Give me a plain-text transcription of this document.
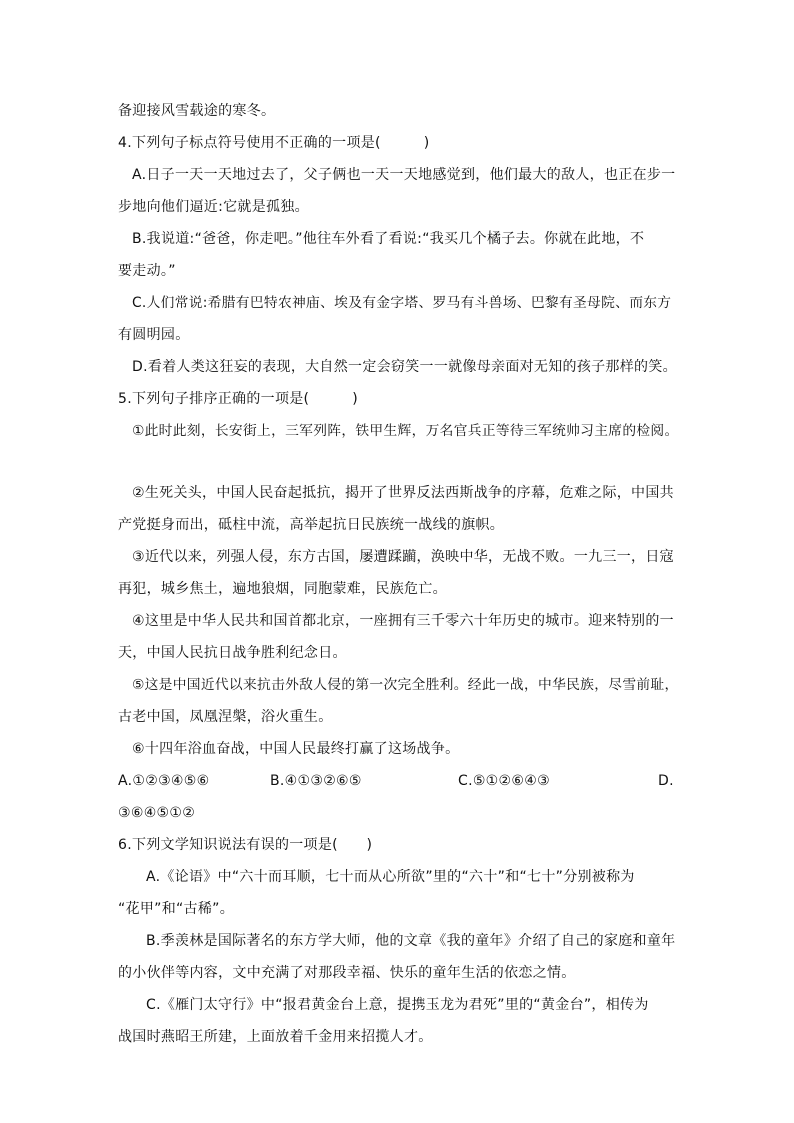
备迎接风雪载途的寒冬。
4.下列句子标点符号使用不正确的一项是(　　　)
A.日子一天一天地过去了，父子俩也一天一天地感觉到，他们最大的敌人，也正在步一
步地向他们逼近:它就是孤独。
B.我说道:“爸爸，你走吧。”他往车外看了看说:“我买几个橘子去。你就在此地，不
要走动。”
C.人们常说:希腊有巴特农神庙、埃及有金字塔、罗马有斗兽场、巴黎有圣母院、而东方
有圆明园。
D.看着人类这狂妄的表现，大自然一定会窃笑一一就像母亲面对无知的孩子那样的笑。
5.下列句子排序正确的一项是(　　　)
①此时此刻，长安街上，三军列阵，铁甲生辉，万名官兵正等待三军统帅习主席的检阅。
②生死关头，中国人民奋起抵抗，揭开了世界反法西斯战争的序幕，危难之际，中国共
产党挺身而出，砥柱中流，高举起抗日民族统一战线的旗帜。
③近代以来，列强人侵，东方古国，屡遭蹂躏，涣映中华，无战不败。一九三一，日寇
再犯，城乡焦土，遍地狼烟，同胞蒙难，民族危亡。
④这里是中华人民共和国首都北京，一座拥有三千零六十年历史的城市。迎来特别的一
天，中国人民抗日战争胜利纪念日。
⑤这是中国近代以来抗击外敌人侵的第一次完全胜利。经此一战，中华民族，尽雪前耻，
古老中国，凤凰涅槃，浴火重生。
⑥十四年浴血奋战，中国人民最终打赢了这场战争。
A.①②③④⑤⑥	B.④①③②⑥⑤	C.⑤①②⑥④③	D.
③⑥④⑤①②
6.下列文学知识说法有误的一项是(　　)
A.《论语》中“六十而耳顺，七十而从心所欲”里的“六十”和“七十”分别被称为
“花甲”和“古稀”。
B.季羡林是国际著名的东方学大师，他的文章《我的童年》介绍了自己的家庭和童年
的小伙伴等内容，文中充满了对那段幸福、快乐的童年生活的依恋之情。
C.《雁门太守行》中“报君黄金台上意，提携玉龙为君死”里的“黄金台”，相传为
战国时燕昭王所建，上面放着千金用来招揽人才。
